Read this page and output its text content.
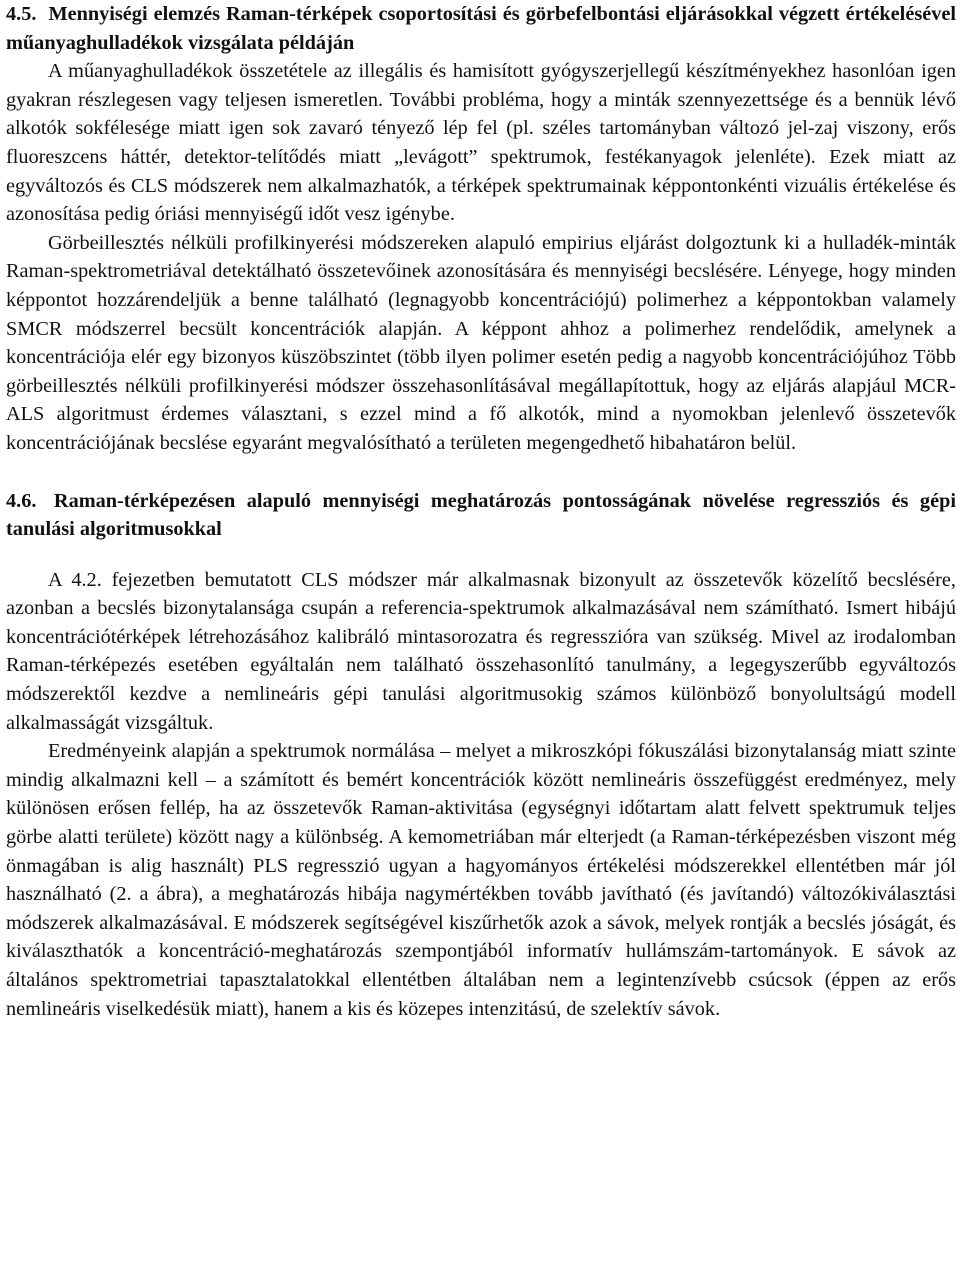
4.5. Mennyiségi elemzés Raman-térképek csoportosítási és görbefelbontási eljárásokkal végzett értékelésével műanyaghulladékok vizsgálata példáján

A műanyaghulladékok összetétele az illegális és hamisított gyógyszerjellegű készítményekhez hasonlóan igen gyakran részlegesen vagy teljesen ismeretlen. További probléma, hogy a minták szennyezettsége és a bennük lévő alkotók sokfélesége miatt igen sok zavaró tényező lép fel (pl. széles tartományban változó jel-zaj viszony, erős fluoreszcens háttér, detektor-telítődés miatt „levágott” spektrumok, festékanyagok jelenléte). Ezek miatt az egyváltozós és CLS módszerek nem alkalmazhatók, a térképek spektrumainak képpontonkénti vizuális értékelése és azonosítása pedig óriási mennyiségű időt vesz igénybe.

Görbeillesztés nélküli profilkinyerési módszereken alapuló empirius eljárást dolgoztunk ki a hulladék-minták Raman-spektrometriával detektálható összetevőinek azonosítására és mennyiségi becslésére. Lényege, hogy minden képpontot hozzárendeljük a benne található (legnagyobb koncentrációjú) polimerhez a képpontokban valamely SMCR módszerrel becsült koncentrációk alapján. A képpont ahhoz a polimerhez rendelődik, amelynek a koncentrációja elér egy bizonyos küszöbszintet (több ilyen polimer esetén pedig a nagyobb koncentrációjúhoz Több görbeillesztés nélküli profilkinyerési módszer összehasonlításával megállapítottuk, hogy az eljárás alapjául MCR-ALS algoritmust érdemes választani, s ezzel mind a fő alkotók, mind a nyomokban jelenlevő összetevők koncentrációjának becslése egyaránt megvalósítható a területen megengedhető hibahatáron belül.

4.6. Raman-térképezésen alapuló mennyiségi meghatározás pontosságának növelése regressziós és gépi tanulási algoritmusokkal

A 4.2. fejezetben bemutatott CLS módszer már alkalmasnak bizonyult az összetevők közelítő becslésére, azonban a becslés bizonytalansága csupán a referencia-spektrumok alkalmazásával nem számítható. Ismert hibájú koncentrációtérképek létrehozásához kalibráló mintasorozatra és regresszióra van szükség. Mivel az irodalomban Raman-térképezés esetében egyáltalán nem található összehasonlító tanulmány, a legegyszerűbb egyváltozós módszerektől kezdve a nemlineáris gépi tanulási algoritmusokig számos különböző bonyolultságú modell alkalmasságát vizsgáltuk.

Eredményeink alapján a spektrumok normálása – melyet a mikroszkópi fókuszálási bizonytalanság miatt szinte mindig alkalmazni kell – a számított és bemért koncentrációk között nemlineáris összefüggést eredményez, mely különösen erősen fellép, ha az összetevők Raman-aktivitása (egységnyi időtartam alatt felvett spektrumuk teljes görbe alatti területe) között nagy a különbség. A kemometriában már elterjedt (a Raman-térképezésben viszont még önmagában is alig használt) PLS regresszió ugyan a hagyományos értékelési módszerekkel ellentétben már jól használható (2. a ábra), a meghatározás hibája nagymértékben tovább javítható (és javítandó) változókiválasztási módszerek alkalmazásával. E módszerek segítségével kiszűrhetők azok a sávok, melyek rontják a becslés jóságát, és kiválaszthatók a koncentráció-meghatározás szempontjából informatív hullámszám-tartományok. E sávok az általános spektrometriai tapasztalatokkal ellentétben általában nem a legintenzívebb csúcsok (éppen az erős nemlineáris viselkedésük miatt), hanem a kis és közepes intenzitású, de szelektív sávok.
